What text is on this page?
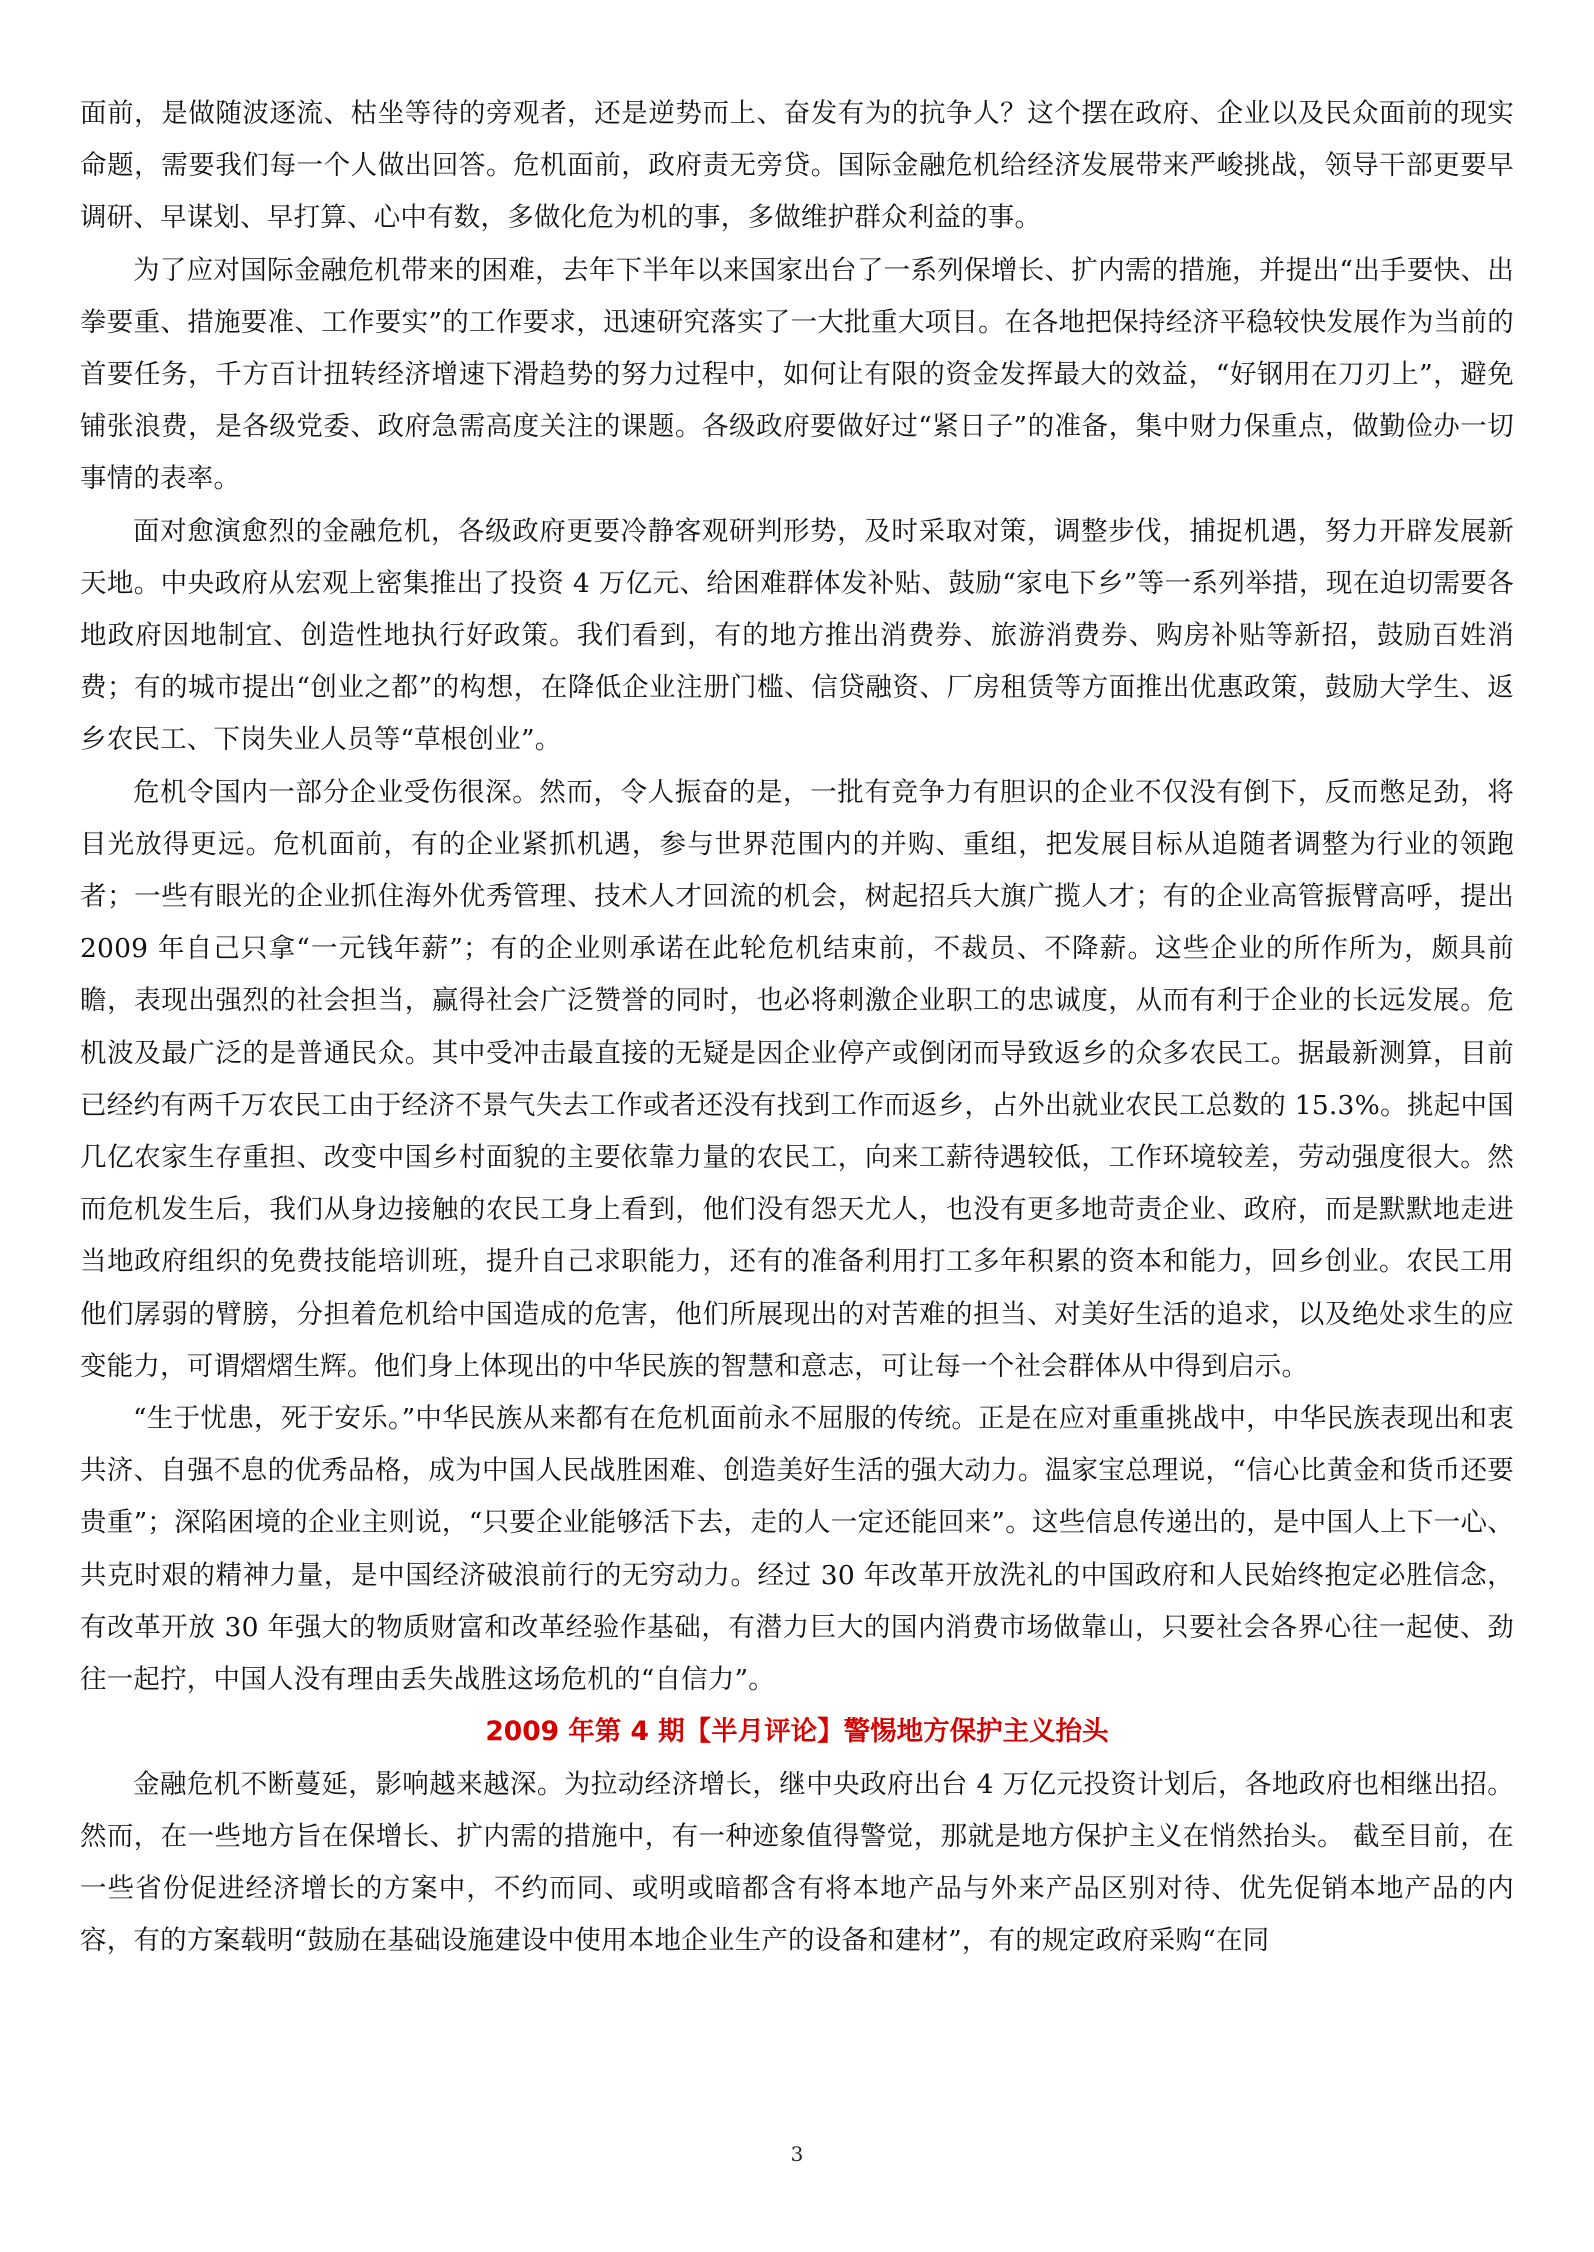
面前，是做随波逐流、枯坐等待的旁观者，还是逆势而上、奋发有为的抗争人？这个摆在政府、企业以及民众面前的现实命题，需要我们每一个人做出回答。危机面前，政府责无旁贷。国际金融危机给经济发展带来严峻挑战，领导干部更要早调研、早谋划、早打算、心中有数，多做化危为机的事，多做维护群众利益的事。

为了应对国际金融危机带来的困难，去年下半年以来国家出台了一系列保增长、扩内需的措施，并提出“出手要快、出拳要重、措施要准、工作要实”的工作要求，迅速研究落实了一大批重大项目。在各地把保持经济平稳较快发展作为当前的首要任务，千方百计扭转经济增速下滑趋势的努力过程中，如何让有限的资金发挥最大的效益，“好钢用在刀刃上”，避免铺张浪费，是各级党委、政府急需高度关注的课题。各级政府要做好过“紧日子”的准备，集中财力保重点，做勤俭办一切事情的表率。

面对愈演愈烈的金融危机，各级政府更要冷静客观研判形势，及时采取对策，调整步伐，捕捉机遇，努力开辟发展新天地。中央政府从宏观上密集推出了投资 4 万亿元、给困难群体发补贴、鼓励“家电下乡”等一系列举措，现在迫切需要各地政府因地制宜、创造性地执行好政策。我们看到，有的地方推出消费券、旅游消费券、购房补贴等新招，鼓励百姓消费；有的城市提出“创业之都”的构想，在降低企业注册门槛、信贷融资、厂房租赁等方面推出优惠政策，鼓励大学生、返乡农民工、下岗失业人员等“草根创业”。

危机令国内一部分企业受伤很深。然而，令人振奋的是，一批有竞争力有胆识的企业不仅没有倒下，反而憋足劲，将目光放得更远。危机面前，有的企业紧抓机遇，参与世界范围内的并购、重组，把发展目标从追随者调整为行业的领跑者；一些有眼光的企业抓住海外优秀管理、技术人才回流的机会，树起招兵大旗广揽人才；有的企业高管振臂高呼，提出 2009 年自己只拿“一元钱年薪”；有的企业则承诺在此轮危机结束前，不裁员、不降薪。这些企业的所作所为，颇具前瞻，表现出强烈的社会担当，赢得社会广泛赞誉的同时，也必将刺激企业职工的忠诚度，从而有利于企业的长远发展。危机波及最广泛的是普通民众。其中受冲击最直接的无疑是因企业停产或倒闭而导致返乡的众多农民工。据最新测算，目前已经约有两千万农民工由于经济不景气失去工作或者还没有找到工作而返乡，占外出就业农民工总数的 15.3%。挑起中国几亿农家生存重担、改变中国乡村面貌的主要依靠力量的农民工，向来工薪待遇较低，工作环境较差，劳动强度很大。然而危机发生后，我们从身边接触的农民工身上看到，他们没有怨天尤人，也没有更多地苛责企业、政府，而是默默地走进当地政府组织的免费技能培训班，提升自己求职能力，还有的准备利用打工多年积累的资本和能力，回乡创业。农民工用他们孱弱的臂膀，分担着危机给中国造成的危害，他们所展现出的对苦难的担当、对美好生活的追求，以及绝处求生的应变能力，可谓熠熠生辉。他们身上体现出的中华民族的智慧和意志，可让每一个社会群体从中得到启示。

“生于忧患，死于安乐。”中华民族从来都有在危机面前永不屈服的传统。正是在应对重重挑战中，中华民族表现出和衷共济、自强不息的优秀品格，成为中国人民战胜困难、创造美好生活的强大动力。温家宝总理说，“信心比黄金和货币还要贵重”；深陷困境的企业主则说，“只要企业能够活下去，走的人一定还能回来”。这些信息传递出的，是中国人上下一心、共克时艰的精神力量，是中国经济破浪前行的无穷动力。经过 30 年改革开放洗礼的中国政府和人民始终抱定必胜信念，有改革开放 30 年强大的物质财富和改革经验作基础，有潜力巨大的国内消费市场做靠山，只要社会各界心往一起使、劲往一起拧，中国人没有理由丢失战胜这场危机的“自信力”。

2009 年第 4 期【半月评论】警惕地方保护主义抬头

金融危机不断蔓延，影响越来越深。为拉动经济增长，继中央政府出台 4 万亿元投资计划后，各地政府也相继出招。然而，在一些地方旨在保增长、扩内需的措施中，有一种迹象值得警觉，那就是地方保护主义在悄然抬头。 截至目前，在一些省份促进经济增长的方案中，不约而同、或明或暗都含有将本地产品与外来产品区别对待、优先促销本地产品的内容，有的方案载明“鼓励在基础设施建设中使用本地企业生产的设备和建材”，有的规定政府采购“在同

3
